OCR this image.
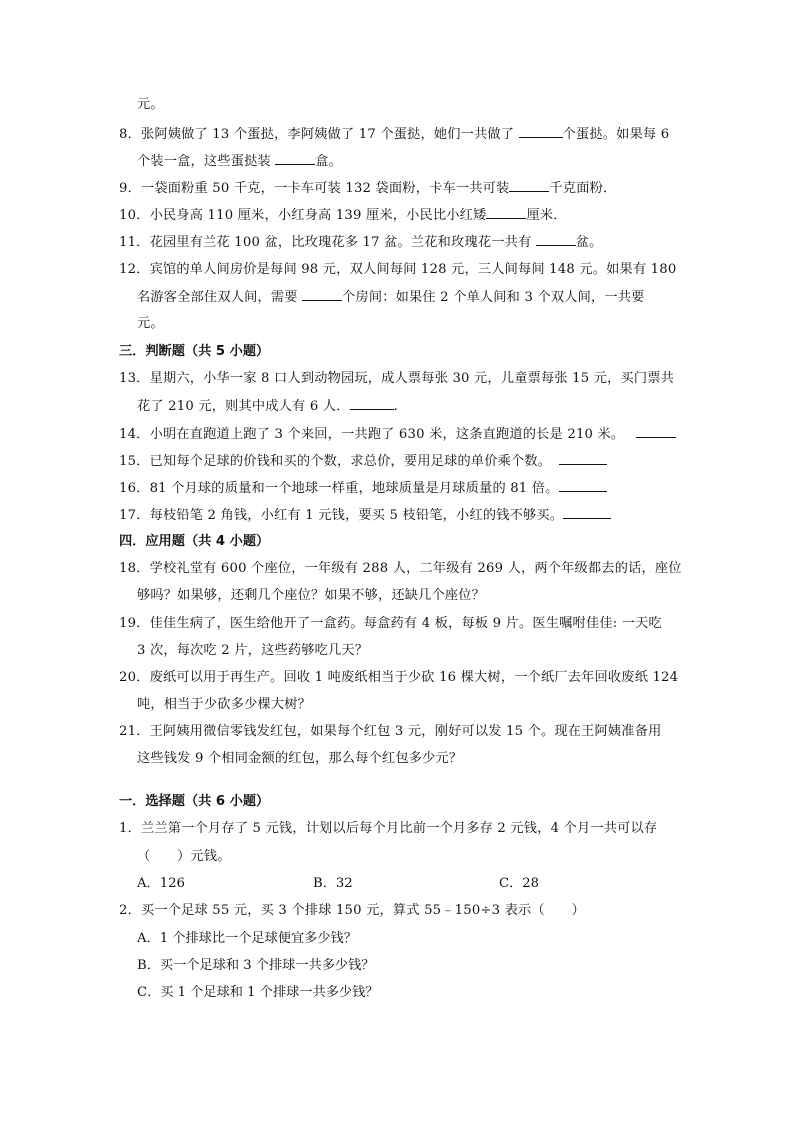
元。
8．张阿姨做了 13 个蛋挞，李阿姨做了 17 个蛋挞，她们一共做了	个蛋挞。如果每 6
个装一盒，这些蛋挞装	盒。
9．一袋面粉重 50 千克，一卡车可装 132 袋面粉，卡车一共可装	千克面粉．
10．小民身高 110 厘米，小红身高 139 厘米，小民比小红矮	厘米．
11．花园里有兰花 100 盆，比玫瑰花多 17 盆。兰花和玫瑰花一共有	盆。
12．宾馆的单人间房价是每间 98 元，双人间每间 128 元，三人间每间 148 元。如果有 180
名游客全部住双人间，需要	个房间：如果住 2 个单人间和 3 个双人间，一共要
元。
三．判断题（共 5 小题）
13．星期六，小华一家 8 口人到动物园玩，成人票每张 30 元，儿童票每张 15 元，买门票共
花了 210 元，则其中成人有 6 人．	.
14．小明在直跑道上跑了 3 个来回，一共跑了 630 米，这条直跑道的长是 210 米。
15．已知每个足球的价钱和买的个数，求总价，要用足球的单价乘个数。
16．81 个月球的质量和一个地球一样重，地球质量是月球质量的 81 倍。
17．每枝铅笔 2 角钱，小红有 1 元钱，要买 5 枝铅笔，小红的钱不够买。
四．应用题（共 4 小题）
18．学校礼堂有 600 个座位，一年级有 288 人，二年级有 269 人，两个年级都去的话，座位
够吗？如果够，还剩几个座位？如果不够，还缺几个座位？
19．佳佳生病了，医生给他开了一盒药。每盒药有 4 板，每板 9 片。医生嘱咐佳佳: 一天吃
3 次，每次吃 2 片，这些药够吃几天？
20．废纸可以用于再生产。回收 1 吨废纸相当于少砍 16 棵大树，一个纸厂去年回收废纸 124
吨，相当于少砍多少棵大树？
21．王阿姨用微信零钱发红包，如果每个红包 3 元，刚好可以发 15 个。现在王阿姨准备用
这些钱发 9 个相同金额的红包，那么每个红包多少元？
一．选择题（共 6 小题）
1．兰兰第一个月存了 5 元钱，计划以后每个月比前一个月多存 2 元钱，4 个月一共可以存
（　　）元钱。
A．126	B．32	C．28
2．买一个足球 55 元，买 3 个排球 150 元，算式 55﹣150÷3 表示（　　）
A．1 个排球比一个足球便宜多少钱？
B．买一个足球和 3 个排球一共多少钱？
C．买 1 个足球和 1 个排球一共多少钱？
